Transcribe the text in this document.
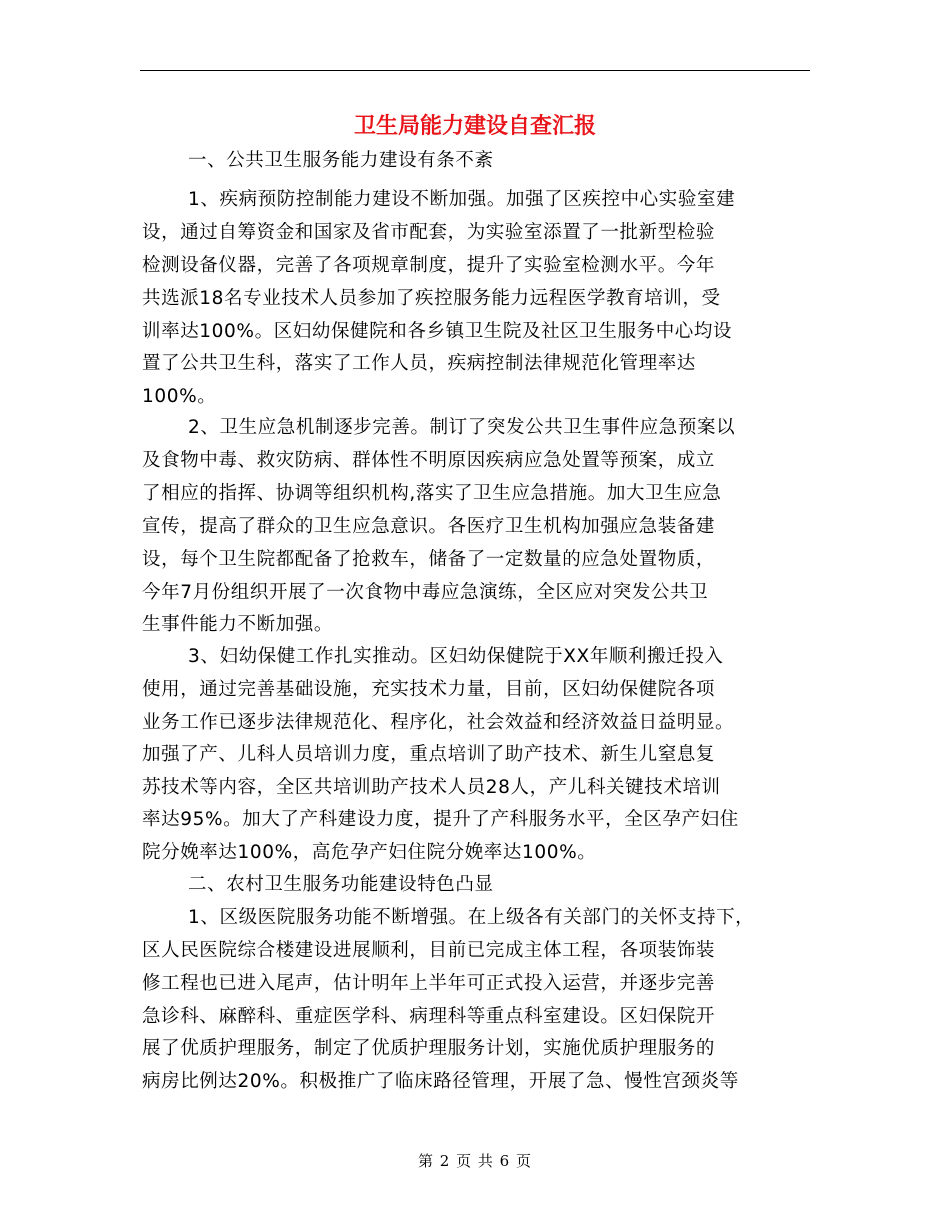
卫生局能力建设自查汇报
一、公共卫生服务能力建设有条不紊
1、疾病预防控制能力建设不断加强。加强了区疾控中心实验室建
设，通过自筹资金和国家及省市配套，为实验室添置了一批新型检验
检测设备仪器，完善了各项规章制度，提升了实验室检测水平。今年
共选派18名专业技术人员参加了疾控服务能力远程医学教育培训，受
训率达100%。区妇幼保健院和各乡镇卫生院及社区卫生服务中心均设
置了公共卫生科，落实了工作人员，疾病控制法律规范化管理率达
100%。
2、卫生应急机制逐步完善。制订了突发公共卫生事件应急预案以
及食物中毒、救灾防病、群体性不明原因疾病应急处置等预案，成立
了相应的指挥、协调等组织机构,落实了卫生应急措施。加大卫生应急
宣传，提高了群众的卫生应急意识。各医疗卫生机构加强应急装备建
设，每个卫生院都配备了抢救车，储备了一定数量的应急处置物质，
今年7月份组织开展了一次食物中毒应急演练，全区应对突发公共卫
生事件能力不断加强。
3、妇幼保健工作扎实推动。区妇幼保健院于XX年顺利搬迁投入
使用，通过完善基础设施，充实技术力量，目前，区妇幼保健院各项
业务工作已逐步法律规范化、程序化，社会效益和经济效益日益明显。
加强了产、儿科人员培训力度，重点培训了助产技术、新生儿窒息复
苏技术等内容，全区共培训助产技术人员28人，产儿科关键技术培训
率达95%。加大了产科建设力度，提升了产科服务水平，全区孕产妇住
院分娩率达100%，高危孕产妇住院分娩率达100%。
二、农村卫生服务功能建设特色凸显
1、区级医院服务功能不断增强。在上级各有关部门的关怀支持下，
区人民医院综合楼建设进展顺利，目前已完成主体工程，各项装饰装
修工程也已进入尾声，估计明年上半年可正式投入运营，并逐步完善
急诊科、麻醉科、重症医学科、病理科等重点科室建设。区妇保院开
展了优质护理服务，制定了优质护理服务计划，实施优质护理服务的
病房比例达20%。积极推广了临床路径管理，开展了急、慢性宫颈炎等
第 2 页 共 6 页
